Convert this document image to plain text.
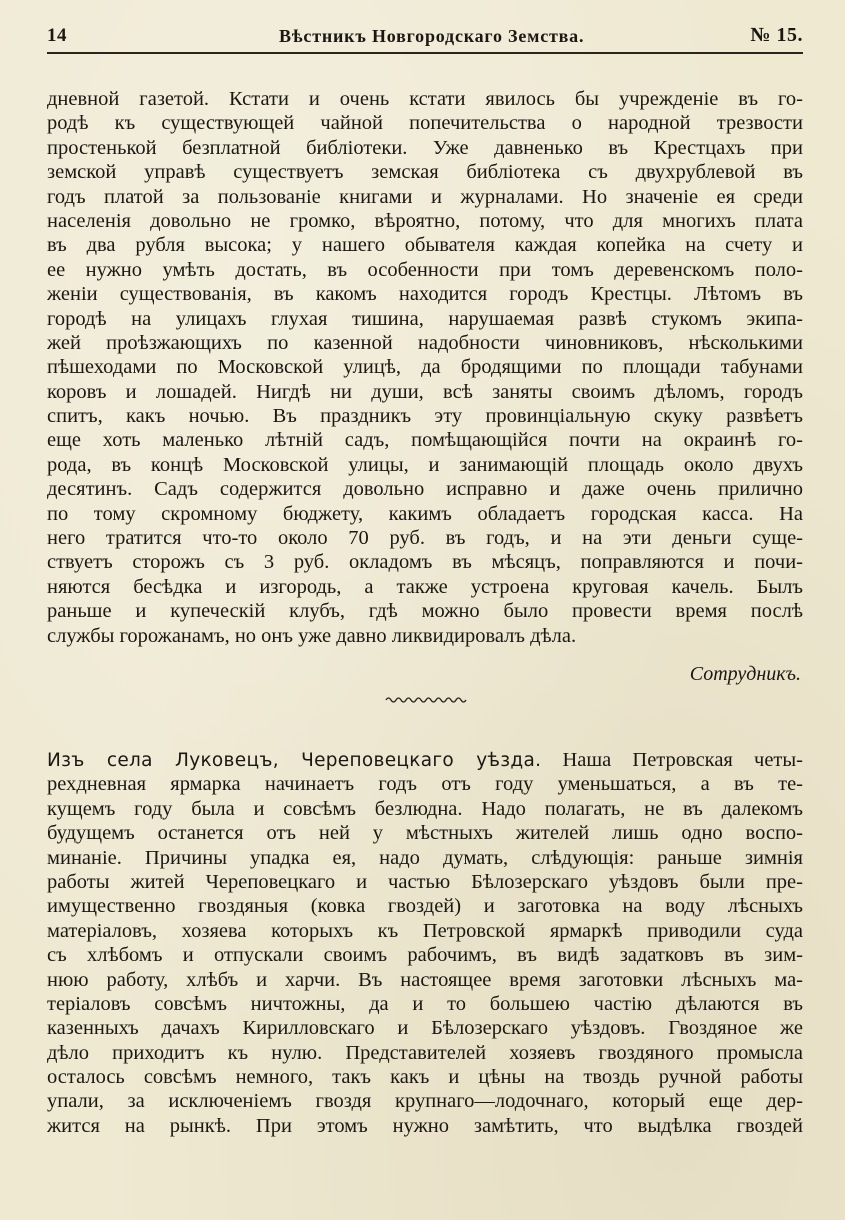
14	Вѣстникъ Новгородскаго Земства.	№ 15.
дневной газетой. Кстати и очень кстати явилось бы учрежденіе въ го-
родѣ къ существующей чайной попечительства о народной трезвости
простенькой безплатной библіотеки. Уже давненько въ Крестцахъ при
земской управѣ существуетъ земская библіотека съ двухрублевой въ
годъ платой за пользованіе книгами и журналами. Но значеніе ея среди
населенія довольно не громко, вѣроятно, потому, что для многихъ плата
въ два рубля высока; у нашего обывателя каждая копейка на счету и
ее нужно умѣть достать, въ особенности при томъ деревенскомъ поло-
женіи существованія, въ какомъ находится городъ Крестцы. Лѣтомъ въ
городѣ на улицахъ глухая тишина, нарушаемая развѣ стукомъ экипа-
жей проѣзжающихъ по казенной надобности чиновниковъ, нѣсколькими
пѣшеходами по Московской улицѣ, да бродящими по площади табунами
коровъ и лошадей. Нигдѣ ни души, всѣ заняты своимъ дѣломъ, городъ
спитъ, какъ ночью. Въ праздникъ эту провинціальную скуку развѣетъ
еще хоть маленько лѣтній садъ, помѣщающійся почти на окраинѣ го-
рода, въ концѣ Московской улицы, и занимающій площадь около двухъ
десятинъ. Садъ содержится довольно исправно и даже очень прилично
по тому скромному бюджету, какимъ обладаетъ городская касса. На
него тратится что-то около 70 руб. въ годъ, и на эти деньги суще-
ствуетъ сторожъ съ 3 руб. окладомъ въ мѣсяцъ, поправляются и почи-
няются бесѣдка и изгородь, а также устроена круговая качель. Былъ
раньше и купеческій клубъ, гдѣ можно было провести время послѣ
службы горожанамъ, но онъ уже давно ликвидировалъ дѣла.
Сотрудникъ.
Изъ села Луковецъ, Череповецкаго уѣзда. Наша Петровская четы-
рехдневная ярмарка начинаетъ годъ отъ году уменьшаться, а въ те-
кущемъ году была и совсѣмъ безлюдна. Надо полагать, не въ далекомъ
будущемъ останется отъ ней у мѣстныхъ жителей лишь одно воспо-
минаніе. Причины упадка ея, надо думать, слѣдующія: раньше зимнія
работы житей Череповецкаго и частью Бѣлозерскаго уѣздовъ были пре-
имущественно гвоздяныя (ковка гвоздей) и заготовка на воду лѣсныхъ
матеріаловъ, хозяева которыхъ къ Петровской ярмаркѣ приводили суда
съ хлѣбомъ и отпускали своимъ рабочимъ, въ видѣ задатковъ въ зим-
нюю работу, хлѣбъ и харчи. Въ настоящее время заготовки лѣсныхъ ма-
теріаловъ совсѣмъ ничтожны, да и то большею частію дѣлаются въ
казенныхъ дачахъ Кирилловскаго и Бѣлозерскаго уѣздовъ. Гвоздяное же
дѣло приходитъ къ нулю. Представителей хозяевъ гвоздяного промысла
осталось совсѣмъ немного, такъ какъ и цѣны на твоздь ручной работы
упали, за исключеніемъ гвоздя крупнаго—лодочнаго, который еще дер-
жится на рынкѣ. При этомъ нужно замѣтить, что выдѣлка гвоздей
